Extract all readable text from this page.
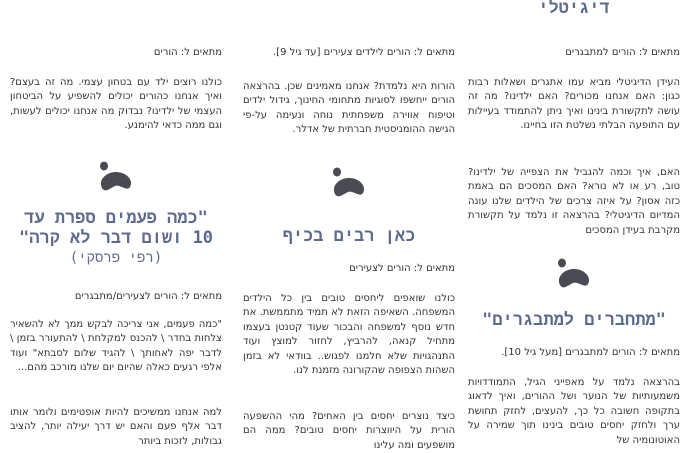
דיגיטלי

מתאים ל: הורים למתבגרים

העידן הדיגיטלי מביא עמו אתגרים ושאלות רבות כגון: האם אנחנו מכורים? האם ילדינו? מה זה עושה לתקשורת בינינו ואיך ניתן להתמודד בעיילות עם התופעה הבלתי נשלטת הזו בחיינו.

האם, איך וכמה להגביל את הצפייה של ילדינו? טוב, רע או לא נורא? האם המסכים הם באמת כזה אסון? על איזה צרכים של הילדים שלנו עונה המדיום הדיגיטלי? בהרצאה זו נלמד על תקשורת מקרבת בעידן המסכים

"מתחברים למתבגרים"

מתאים ל: הורים למתבגרים [מעל גיל 10].

בהרצאה נלמד על מאפייני הגיל, התמודדויות משמעותיות של הנוער ושל ההורים, ואיך לדאוג בתקופה חשובה כל כך, להעצים, לחזק תחושת ערך ולחזק יחסים טובים בינינו תוך שמירה על האוטונומיה של

מתאים ל: הורים לילדים צעירים [עד גיל 9].

הורות היא נלמדת? אנחנו מאמינים שכן. בהרצאה הורים ייחשפו לסוגיות מתחומי החינוך, גידול ילדים וטיפוח אווירה משפחתית נוחה ונעימה על-פי הגישה ההומניסטית חברתית של אדלר.

כאן רבים בכיף

מתאים ל: הורים לצעירים

כולנו שואפים ליחסים טובים בין כל הילדים המשפחה. השאיפה הזאת לא תמיד מתממשת. את חדש נוסף למשפחה והבכור שעוד קטנטן בעצמו מתחיל קנאה, להרביץ, לחזור למוצץ ועוד התנהגויות שלא חלמנו לפגוש.. בוודאי לא בזמן השהות הצפופה שהקורונה מזמנת לנו.

כיצד נוצרים יחסים בין האחים? מהי ההשפעה הורית על היווצרות יחסים טובים? ממה הם מושפעים ומה עלינו

מתאים ל: הורים

כולנו רוצים ילד עם בטחון עצמי. מה זה בעצם? ואיך אנחנו כהורים יכולים להשפיע על הביטחון העצמי של ילדינו? נבדוק מה אנחנו יכולים לעשות, וגם ממה כדאי להימנע.

"כמה פעמים ספרת עד 10 ושום דבר לא קרה"

(רפי פרסקי)

מתאים ל: הורים לצעירים/מתבגרים

"כמה פעמים, אני צריכה לבקש ממך לא להשאיר צלחות בחדר \ להכנס למקלחת \ להתעורר בזמן \ לדבר יפה לאחותך \ להגיד שלום לסבתא" ועוד אלפי רגעים כאלה שהיום יום שלנו מורכב מהם...

למה אנחנו ממשיכים להיות אופטימים ולומר אותו דבר אלף פעם והאם יש דרך יעילה יותר, להציב גבולות, לזכות ביותר
